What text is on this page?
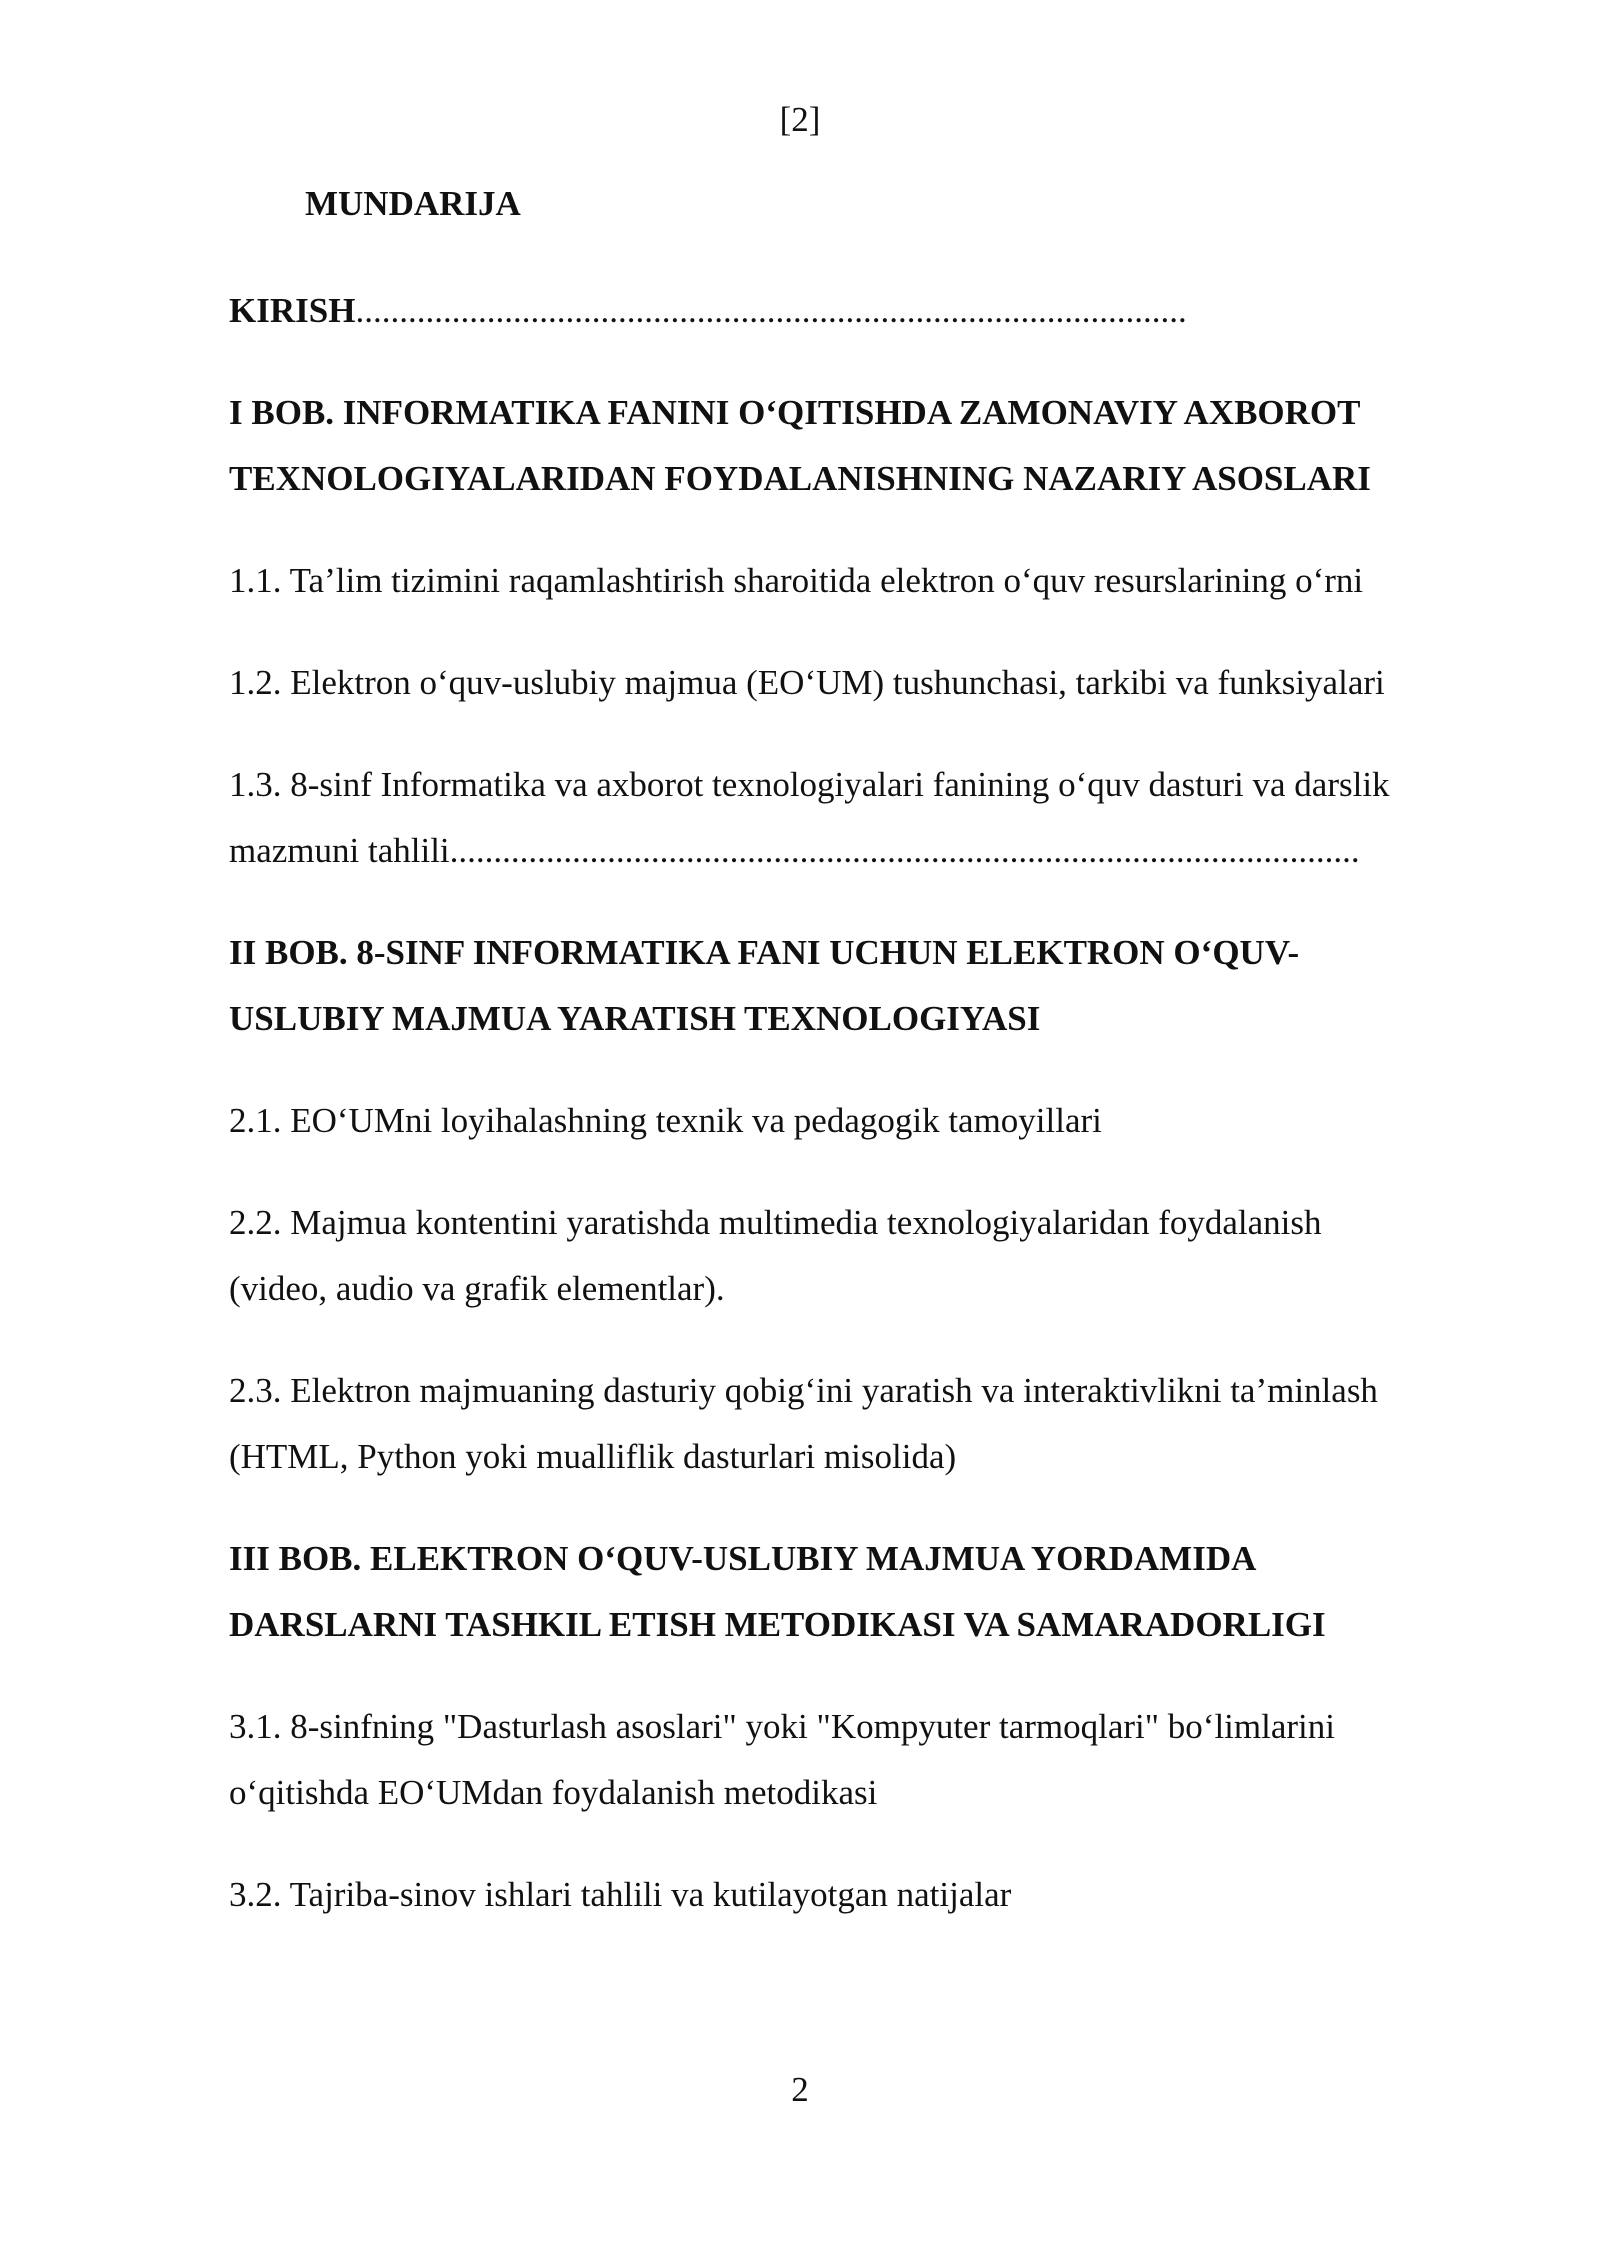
[2]
MUNDARIJA
KIRISH...............................................................................................
I BOB. INFORMATIKA FANINI O‘QITISHDA ZAMONAVIY AXBOROT
TEXNOLOGIYALARIDAN FOYDALANISHNING NAZARIY ASOSLARI
1.1. Ta’lim tizimini raqamlashtirish sharoitida elektron o‘quv resurslarining o‘rni
1.2. Elektron o‘quv-uslubiy majmua (EO‘UM) tushunchasi, tarkibi va funksiyalari
1.3. 8-sinf Informatika va axborot texnologiyalari fanining o‘quv dasturi va darslik
mazmuni tahlili........................................................................................................
II BOB. 8-SINF INFORMATIKA FANI UCHUN ELEKTRON O‘QUV-
USLUBIY MAJMUA YARATISH TEXNOLOGIYASI
2.1. EO‘UMni loyihalashning texnik va pedagogik tamoyillari
2.2. Majmua kontentini yaratishda multimedia texnologiyalaridan foydalanish
(video, audio va grafik elementlar).
2.3. Elektron majmuaning dasturiy qobig‘ini yaratish va interaktivlikni ta’minlash
(HTML, Python yoki mualliflik dasturlari misolida)
III BOB. ELEKTRON O‘QUV-USLUBIY MAJMUA YORDAMIDA
DARSLARNI TASHKIL ETISH METODIKASI VA SAMARADORLIGI
3.1. 8-sinfning "Dasturlash asoslari" yoki "Kompyuter tarmoqlari" bo‘limlarini
o‘qitishda EO‘UMdan foydalanish metodikasi
3.2. Tajriba-sinov ishlari tahlili va kutilayotgan natijalar
2
